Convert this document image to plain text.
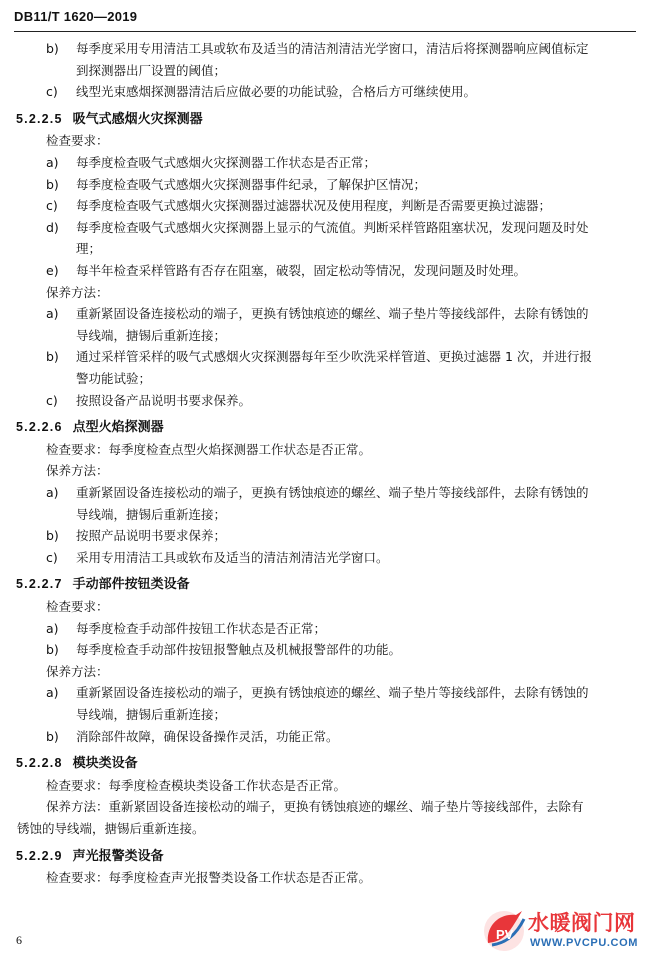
DB11/T 1620—2019
b) 每季度采用专用清洁工具或软布及适当的清洁剂清洁光学窗口，清洁后将探测器响应阈值标定
到探测器出厂设置的阈值；
c) 线型光束感烟探测器清洁后应做必要的功能试验，合格后方可继续使用。
5.2.2.5 吸气式感烟火灾探测器
检查要求：
a) 每季度检查吸气式感烟火灾探测器工作状态是否正常；
b) 每季度检查吸气式感烟火灾探测器事件纪录，了解保护区情况；
c) 每季度检查吸气式感烟火灾探测器过滤器状况及使用程度，判断是否需要更换过滤器；
d) 每季度检查吸气式感烟火灾探测器上显示的气流值。判断采样管路阻塞状况，发现问题及时处
理；
e) 每半年检查采样管路有否存在阻塞，破裂，固定松动等情况，发现问题及时处理。
保养方法：
a) 重新紧固设备连接松动的端子，更换有锈蚀痕迹的螺丝、端子垫片等接线部件，去除有锈蚀的
导线端，搪锡后重新连接；
b) 通过采样管采样的吸气式感烟火灾探测器每年至少吹洗采样管道、更换过滤器 1 次，并进行报
警功能试验；
c) 按照设备产品说明书要求保养。
5.2.2.6 点型火焰探测器
检查要求：每季度检查点型火焰探测器工作状态是否正常。
保养方法：
a) 重新紧固设备连接松动的端子，更换有锈蚀痕迹的螺丝、端子垫片等接线部件，去除有锈蚀的
导线端，搪锡后重新连接；
b) 按照产品说明书要求保养；
c) 采用专用清洁工具或软布及适当的清洁剂清洁光学窗口。
5.2.2.7 手动部件按钮类设备
检查要求：
a) 每季度检查手动部件按钮工作状态是否正常；
b) 每季度检查手动部件按钮报警触点及机械报警部件的功能。
保养方法：
a) 重新紧固设备连接松动的端子，更换有锈蚀痕迹的螺丝、端子垫片等接线部件，去除有锈蚀的
导线端，搪锡后重新连接；
b) 消除部件故障，确保设备操作灵活，功能正常。
5.2.2.8 模块类设备
检查要求：每季度检查模块类设备工作状态是否正常。
保养方法：重新紧固设备连接松动的端子，更换有锈蚀痕迹的螺丝、端子垫片等接线部件，去除有
锈蚀的导线端，搪锡后重新连接。
5.2.2.9 声光报警类设备
检查要求：每季度检查声光报警类设备工作状态是否正常。
6	PV 水暖阀门网
WWW.PVCPU.COM
